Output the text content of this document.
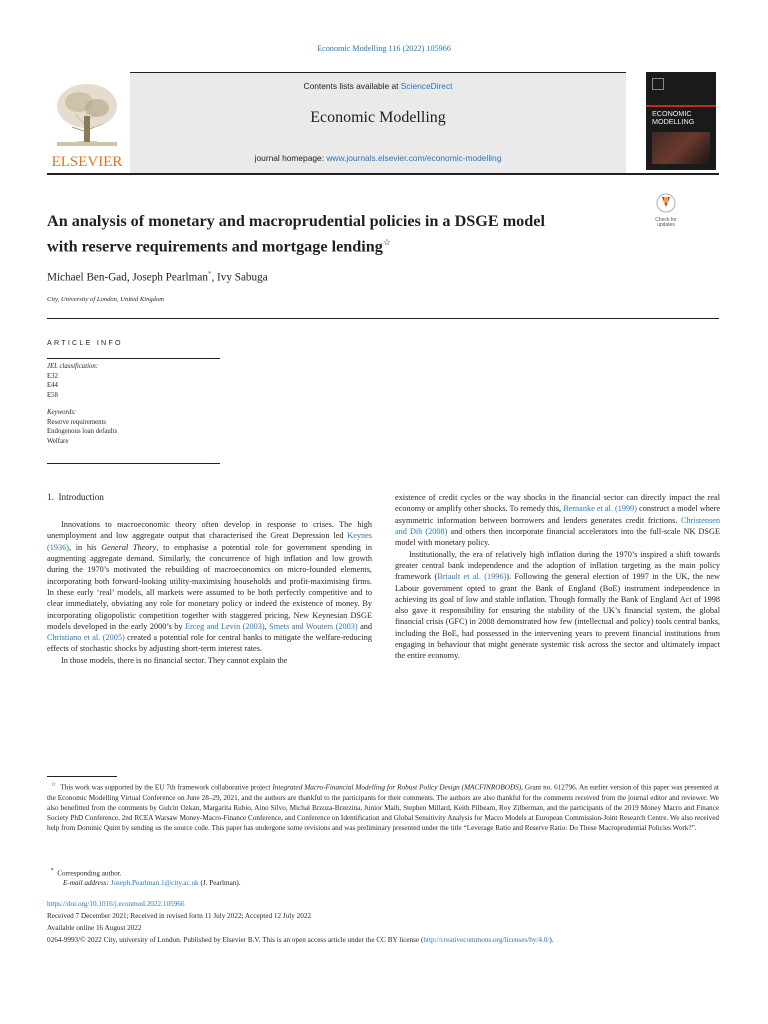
Economic Modelling 116 (2022) 105966
ELSEVIER
Contents lists available at ScienceDirect
Economic Modelling
journal homepage: www.journals.elsevier.com/economic-modelling
ECONOMIC
MODELLING
An analysis of monetary and macroprudential policies in a DSGE model
with reserve requirements and mortgage lending☆
Check for
updates
Michael Ben-Gad, Joseph Pearlman*, Ivy Sabuga
City, University of London, United Kingdom
ARTICLE INFO
JEL classification:
E32
E44
E58
Keywords:
Reserve requirements
Endogenous loan defaults
Welfare
1. Introduction

Innovations to macroeconomic theory often develop in response to crises. The high unemployment and low aggregate output that characterised the Great Depression led Keynes (1936), in his General Theory, to emphasise a potential role for government spending in augmenting aggregate demand. Similarly, the concurrence of high inflation and low growth during the 1970’s motivated the rebuilding of macroeconomics on micro-founded elements, incorporating both forward-looking utility-maximising households and profit-maximising firms. In these early ‘real’ models, all markets were assumed to be both perfectly competitive and to clear immediately, obviating any role for monetary policy or indeed the existence of money. By incorporating oligopolistic competition together with staggered pricing, New Keynesian DSGE models developed in the early 2000’s by Erceg and Levin (2003), Smets and Wouters (2003) and Christiano et al. (2005) created a potential role for central banks to mitigate the welfare-reducing effects of stochastic shocks by adjusting short-term interest rates.

In those models, there is no financial sector. They cannot explain the

existence of credit cycles or the way shocks in the financial sector can directly impact the real economy or amplify other shocks. To remedy this, Bernanke et al. (1999) construct a model where asymmetric information between borrowers and lenders generates credit frictions. Christensen and Dib (2008) and others then incorporate financial accelerators into the full-scale NK DSGE model with monetary policy.

Institutionally, the era of relatively high inflation during the 1970’s inspired a shift towards greater central bank independence and the adoption of inflation targeting as the main policy framework (Briault et al. (1996)). Following the general election of 1997 in the UK, the new Labour government opted to grant the Bank of England (BoE) instrument independence in achieving its goal of low and stable inflation. Though formally the Bank of England Act of 1998 also gave it responsibility for ensuring the stability of the UK’s financial system, the global financial crisis (GFC) in 2008 demonstrated how few (intellectual and policy) tools central banks, including the BoE, had possessed in the intervening years to prevent financial institutions from engaging in behaviour that might generate systemic risk across the sector and ultimately impact the entire economy.

☆ This work was supported by the EU 7th framework collaborative project Integrated Macro-Financial Modelling for Robust Policy Design (MACFINROBODS), Grant no. 612796. An earlier version of this paper was presented at the Economic Modelling Virtual Conference on June 28–29, 2021, and the authors are thankful to the participants for their comments. The authors are also thankful for the comments received from the journal editor and reviewer. We also benefitted from the comments by Gulcin Ozkan, Margarita Rubio, Aino Silvo, Michal Brzoza-Brzezina, Junior Maih, Stephen Millard, Keith Pilbeam, Roy Zilberman, and the participants of the 2019 Money Macro and Finance Society PhD Conference, 2nd RCEA Warsaw Money-Macro-Finance Conference, and Conference on Identification and Global Sensitivity Analysis for Macro Models at European Commission-Joint Research Centre. We also received help from Dominic Quint by sending us the source code. This paper has undergone some revisions and was preliminary presented under the title “Leverage Ratio and Reserve Ratio: Do These Macroprudential Policies Work?”.
* Corresponding author.
E-mail address: Joseph.Pearlman.1@city.ac.uk (J. Pearlman).
https://doi.org/10.1016/j.econmod.2022.105966
Received 7 December 2021; Received in revised form 11 July 2022; Accepted 12 July 2022
Available online 16 August 2022
0264-9993/© 2022 City, university of London. Published by Elsevier B.V. This is an open access article under the CC BY license (http://creativecommons.org/licenses/by/4.0/).
